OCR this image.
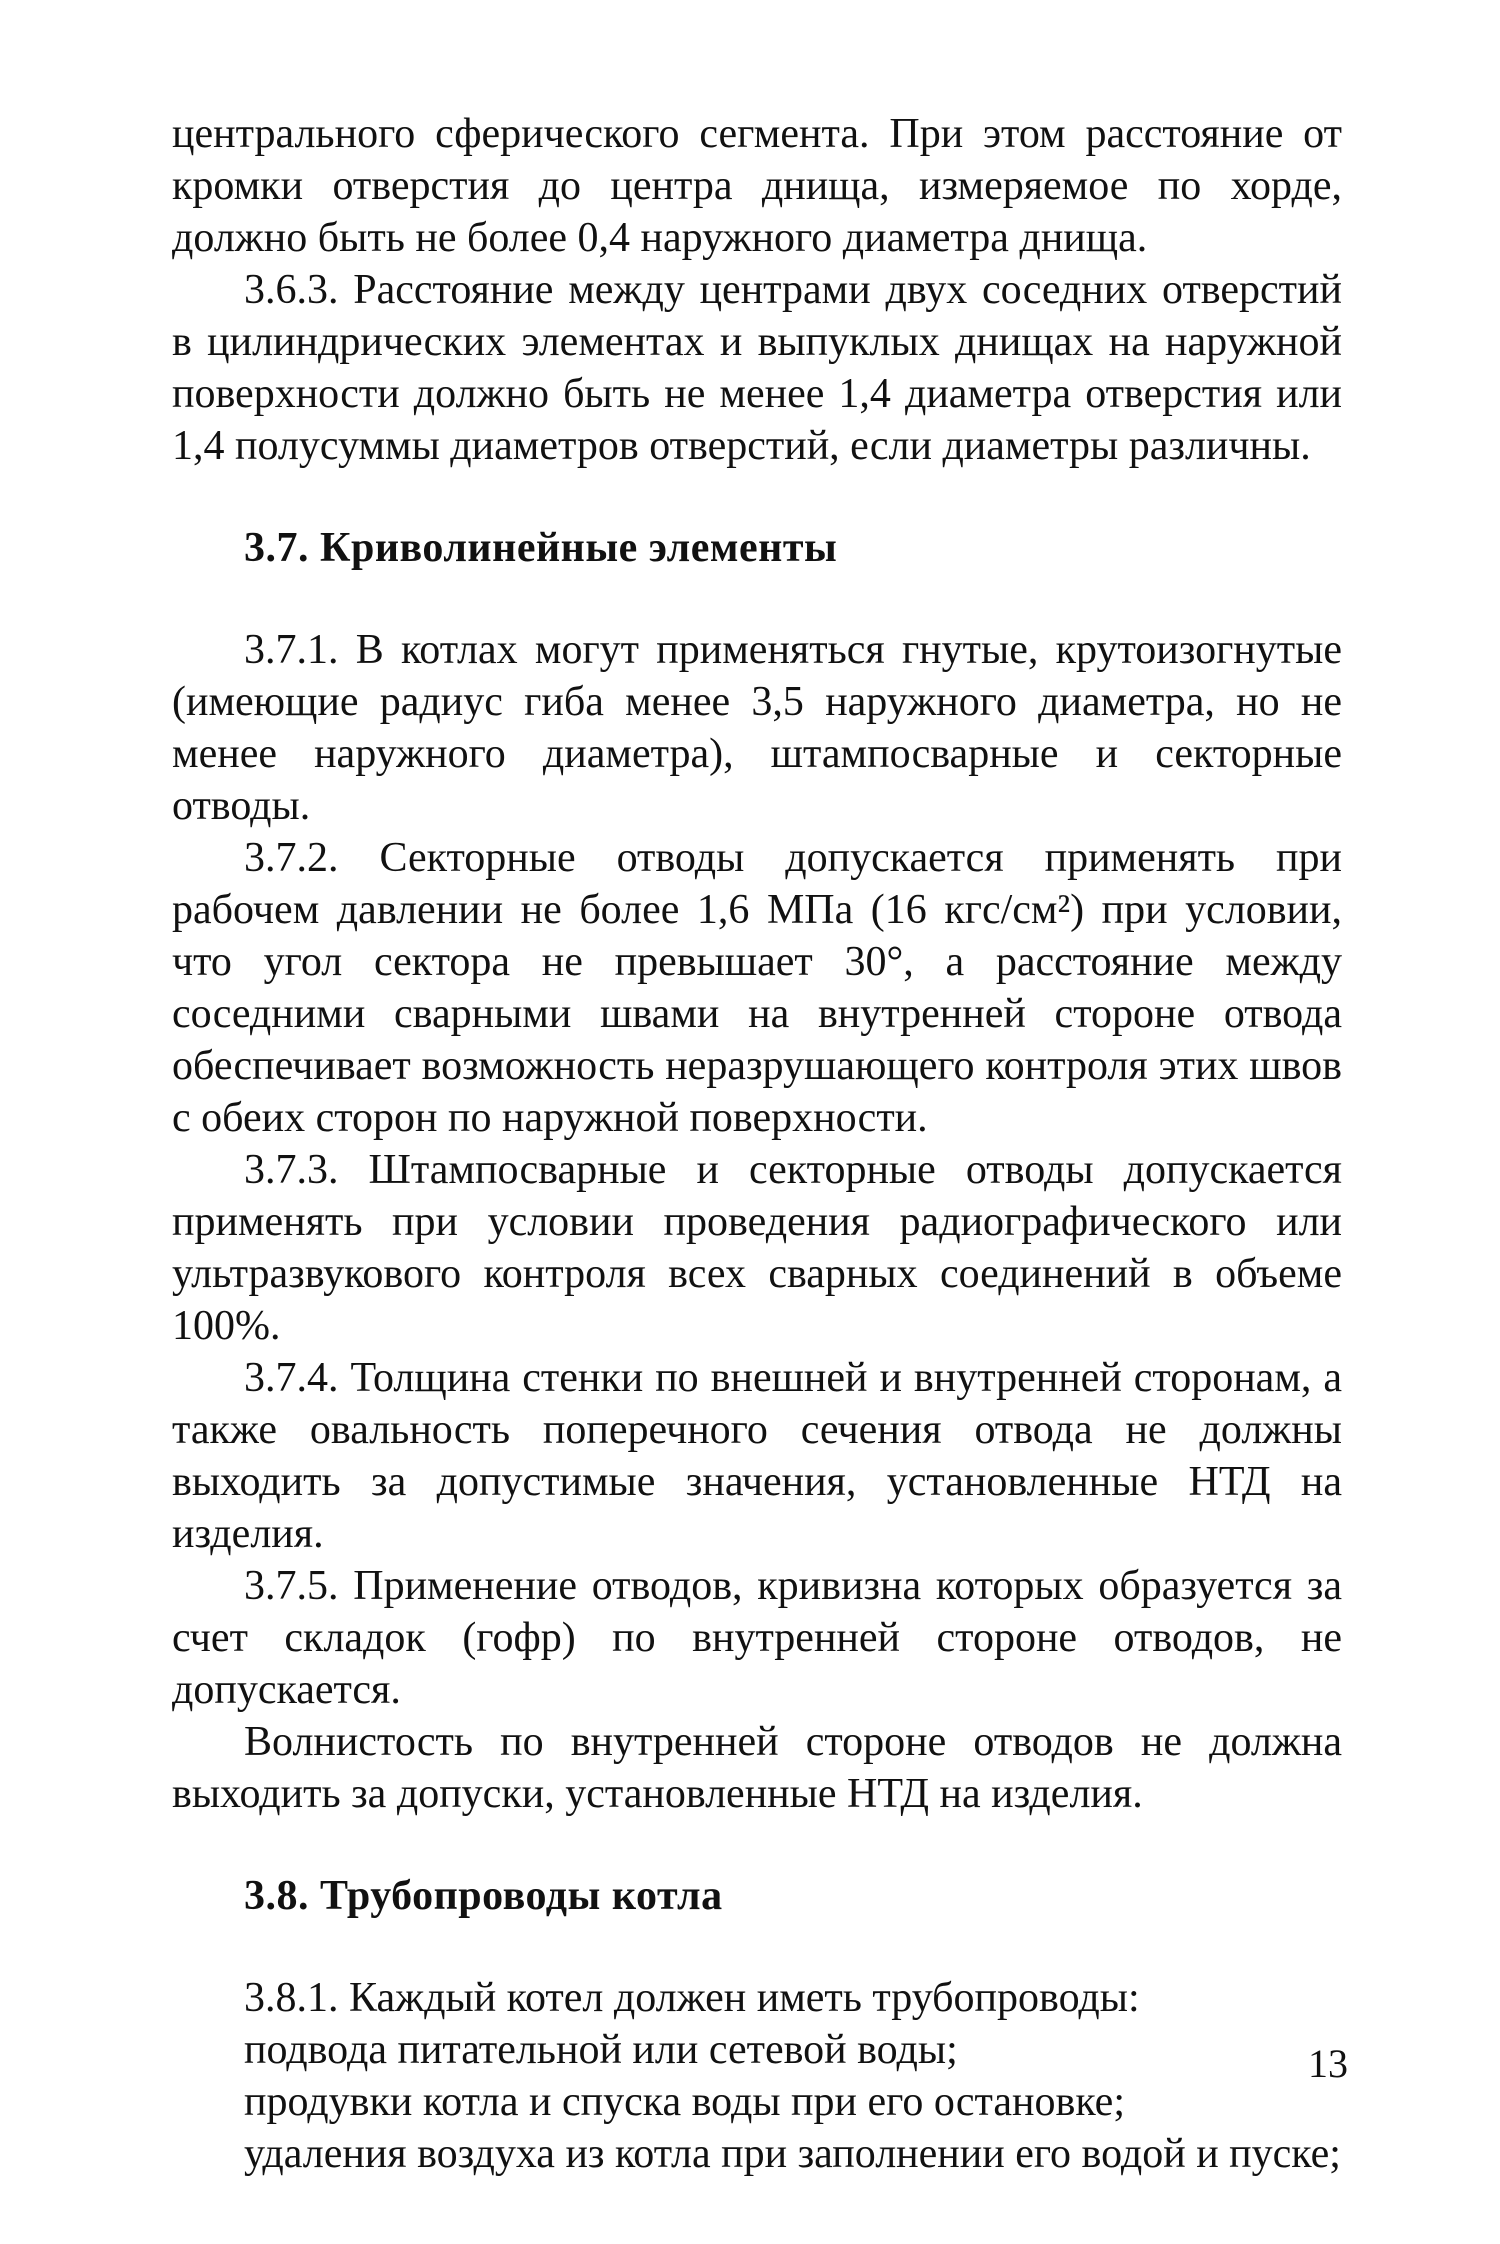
центрального сферического сегмента. При этом расстояние от кромки отверстия до центра днища, измеряемое по хорде, должно быть не более 0,4 наружного диаметра днища.

3.6.3. Расстояние между центрами двух соседних отверстий в цилиндрических элементах и выпуклых днищах на наружной поверхности должно быть не менее 1,4 диаметра отверстия или 1,4 полусуммы диаметров отверстий, если диаметры различны.

3.7. Криволинейные элементы

3.7.1. В котлах могут применяться гнутые, крутоизогнутые (имеющие радиус гиба менее 3,5 наружного диаметра, но не менее наружного диаметра), штампосварные и секторные отводы.

3.7.2. Секторные отводы допускается применять при рабочем давлении не более 1,6 МПа (16 кгс/см²) при условии, что угол сектора не превышает 30°, а расстояние между соседними сварными швами на внутренней стороне отвода обеспечивает возможность неразрушающего контроля этих швов с обеих сторон по наружной поверхности.

3.7.3. Штампосварные и секторные отводы допускается применять при условии проведения радиографического или ультразвукового контроля всех сварных соединений в объеме 100%.

3.7.4. Толщина стенки по внешней и внутренней сторонам, а также овальность поперечного сечения отвода не должны выходить за допустимые значения, установленные НТД на изделия.

3.7.5. Применение отводов, кривизна которых образуется за счет складок (гофр) по внутренней стороне отводов, не допускается.

Волнистость по внутренней стороне отводов не должна выходить за допуски, установленные НТД на изделия.

3.8. Трубопроводы котла

3.8.1. Каждый котел должен иметь трубопроводы:

подвода питательной или сетевой воды;

продувки котла и спуска воды при его остановке;

удаления воздуха из котла при заполнении его водой и пуске;

13
